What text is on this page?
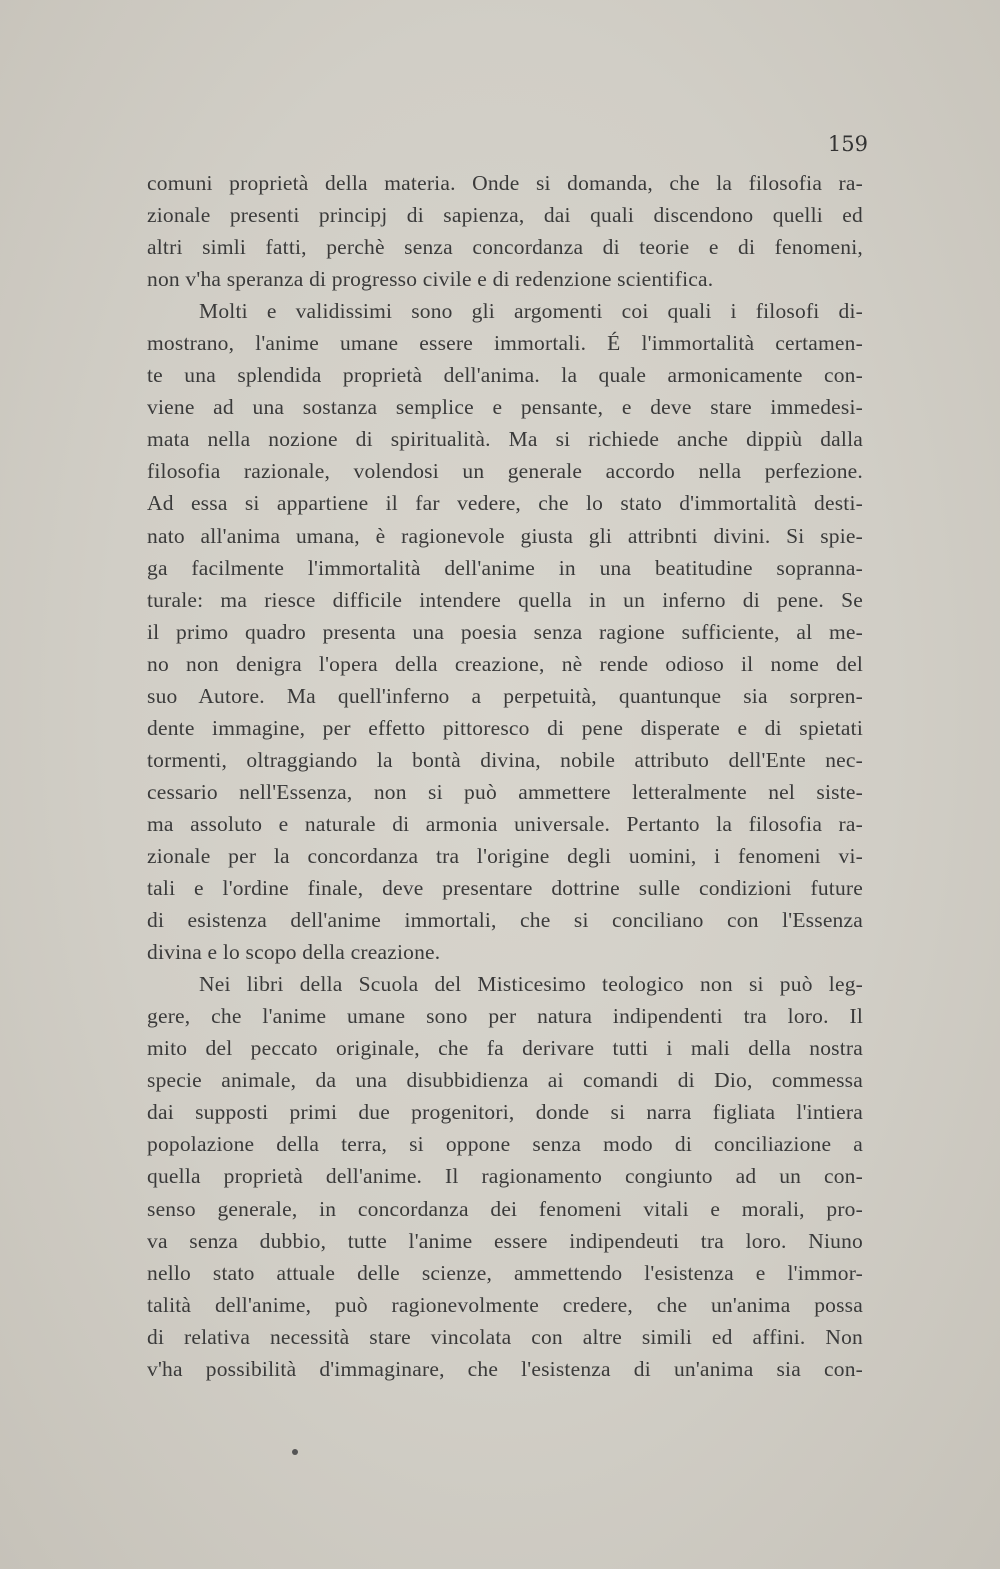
159
comuni proprietà della materia. Onde si domanda, che la filosofia ra-
zionale presenti principj di sapienza, dai quali discendono quelli ed
altri simli fatti, perchè senza concordanza di teorie e di fenomeni,
non v'ha speranza di progresso civile e di redenzione scientifica.
Molti e validissimi sono gli argomenti coi quali i filosofi di-
mostrano, l'anime umane essere immortali. É l'immortalità certamen-
te una splendida proprietà dell'anima. la quale armonicamente con-
viene ad una sostanza semplice e pensante, e deve stare immedesi-
mata nella nozione di spiritualità. Ma si richiede anche dippiù dalla
filosofia razionale, volendosi un generale accordo nella perfezione.
Ad essa si appartiene il far vedere, che lo stato d'immortalità desti-
nato all'anima umana, è ragionevole giusta gli attribnti divini. Si spie-
ga facilmente l'immortalità dell'anime in una beatitudine sopranna-
turale: ma riesce difficile intendere quella in un inferno di pene. Se
il primo quadro presenta una poesia senza ragione sufficiente, al me-
no non denigra l'opera della creazione, nè rende odioso il nome del
suo Autore. Ma quell'inferno a perpetuità, quantunque sia sorpren-
dente immagine, per effetto pittoresco di pene disperate e di spietati
tormenti, oltraggiando la bontà divina, nobile attributo dell'Ente nec-
cessario nell'Essenza, non si può ammettere letteralmente nel siste-
ma assoluto e naturale di armonia universale. Pertanto la filosofia ra-
zionale per la concordanza tra l'origine degli uomini, i fenomeni vi-
tali e l'ordine finale, deve presentare dottrine sulle condizioni future
di esistenza dell'anime immortali, che si conciliano con l'Essenza
divina e lo scopo della creazione.
Nei libri della Scuola del Misticesimo teologico non si può leg-
gere, che l'anime umane sono per natura indipendenti tra loro. Il
mito del peccato originale, che fa derivare tutti i mali della nostra
specie animale, da una disubbidienza ai comandi di Dio, commessa
dai supposti primi due progenitori, donde si narra figliata l'intiera
popolazione della terra, si oppone senza modo di conciliazione a
quella proprietà dell'anime. Il ragionamento congiunto ad un con-
senso generale, in concordanza dei fenomeni vitali e morali, pro-
va senza dubbio, tutte l'anime essere indipendeuti tra loro. Niuno
nello stato attuale delle scienze, ammettendo l'esistenza e l'immor-
talità dell'anime, può ragionevolmente credere, che un'anima possa
di relativa necessità stare vincolata con altre simili ed affini. Non
v'ha possibilità d'immaginare, che l'esistenza di un'anima sia con-
